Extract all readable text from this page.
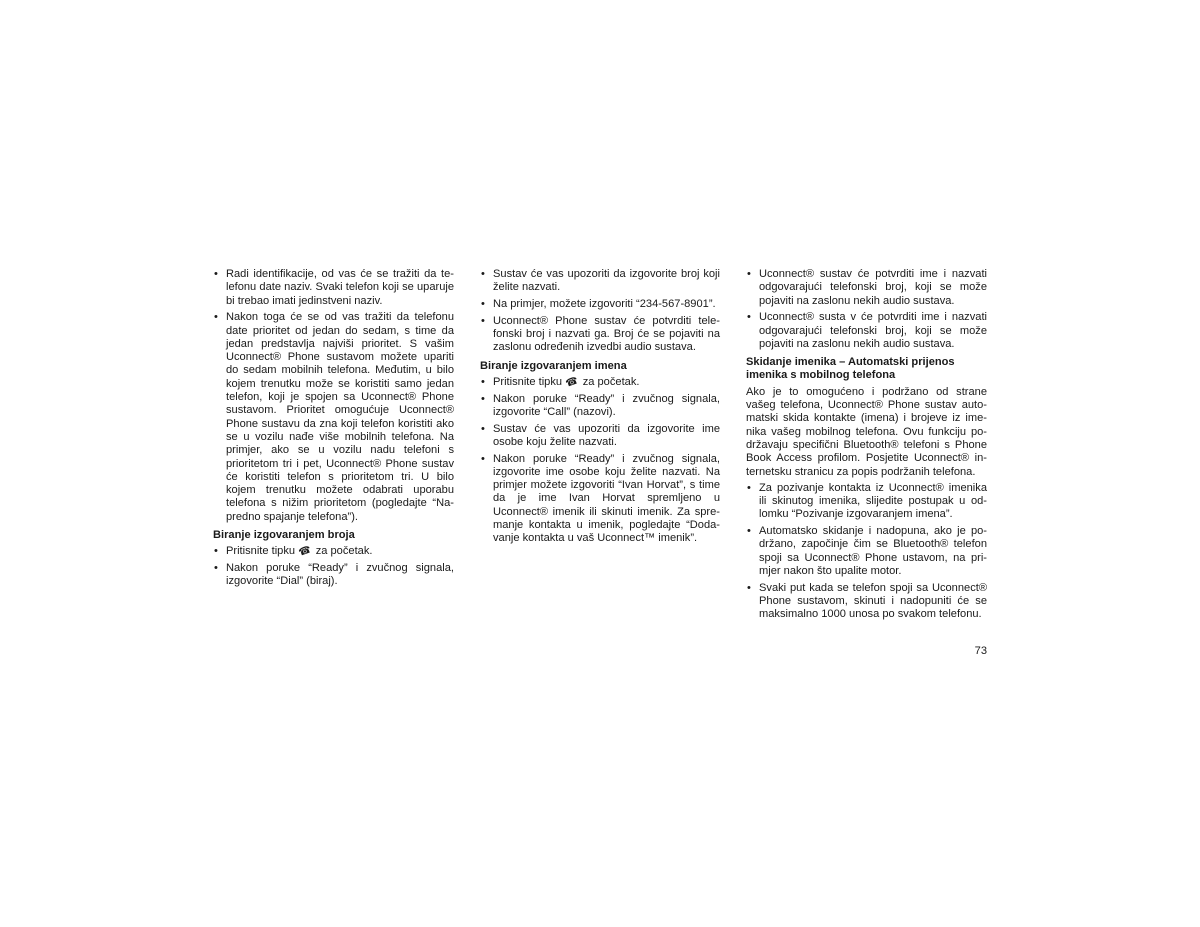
• Radi identifikacije, od vas će se tražiti da telefonu date naziv. Svaki telefon koji se uparuje bi trebao imati jedinstveni naziv.
• Nakon toga će se od vas tražiti da telefonu date prioritet od jedan do sedam, s time da jedan predstavlja najviši prioritet. S vašim Uconnect® Phone sustavom možete upariti do sedam mobilnih telefona. Međutim, u bilo kojem trenutku može se koristiti samo jedan telefon, koji je spojen sa Uconnect® Phone sustavom. Prioritet omogućuje Uconnect® Phone sustavu da zna koji telefon koristiti ako se u vozilu nađe više mobilnih telefona. Na primjer, ako se u vozilu nadu telefoni s prioritetom tri i pet, Uconnect® Phone sustav će koristiti telefon s prioritetom tri. U bilo kojem trenutku možete odabrati uporabu telefona s nižim prioritetom (pogledajte “Napredno spajanje telefona”).
Biranje izgovaranjem broja
• Pritisnite tipku ☎ za početak.
• Nakon poruke “Ready” i zvučnog signala, izgovorite “Dial” (biraj).
• Sustav će vas upozoriti da izgovorite broj koji želite nazvati.
• Na primjer, možete izgovoriti “234-567-8901”.
• Uconnect® Phone sustav će potvrditi telefonski broj i nazvati ga. Broj će se pojaviti na zaslonu određenih izvedbi audio sustava.
Biranje izgovaranjem imena
• Pritisnite tipku ☎ za početak.
• Nakon poruke “Ready” i zvučnog signala, izgovorite “Call” (nazovi).
• Sustav će vas upozoriti da izgovorite ime osobe koju želite nazvati.
• Nakon poruke “Ready” i zvučnog signala, izgovorite ime osobe koju želite nazvati. Na primjer možete izgovoriti “Ivan Horvat”, s time da je ime Ivan Horvat spremljeno u Uconnect® imenik ili skinuti imenik. Za spremanje kontakta u imenik, pogledajte “Dodavanje kontakta u vaš Uconnect™ imenik”.
• Uconnect® sustav će potvrditi ime i nazvati odgovarajući telefonski broj, koji se može pojaviti na zaslonu nekih audio sustava.
• Uconnect® susta v će potvrditi ime i nazvati odgovarajući telefonski broj, koji se može pojaviti na zaslonu nekih audio sustava.
Skidanje imenika – Automatski prijenos imenika s mobilnog telefona
Ako je to omogućeno i podržano od strane vašeg telefona, Uconnect® Phone sustav automatski skida kontakte (imena) i brojeve iz imenika vašeg mobilnog telefona. Ovu funkciju podržavaju specifični Bluetooth® telefoni s Phone Book Access profilom. Posjetite Uconnect® internetsku stranicu za popis podržanih telefona.
• Za pozivanje kontakta iz Uconnect® imenika ili skinutog imenika, slijedite postupak u odlomku “Pozivanje izgovaranjem imena”.
• Automatsko skidanje i nadopuna, ako je podržano, započinje čim se Bluetooth® telefon spoji sa Uconnect® Phone ustavom, na primjer nakon što upalite motor.
• Svaki put kada se telefon spoji sa Uconnect® Phone sustavom, skinuti i nadopuniti će se maksimalno 1000 unosa po svakom telefonu.
73
